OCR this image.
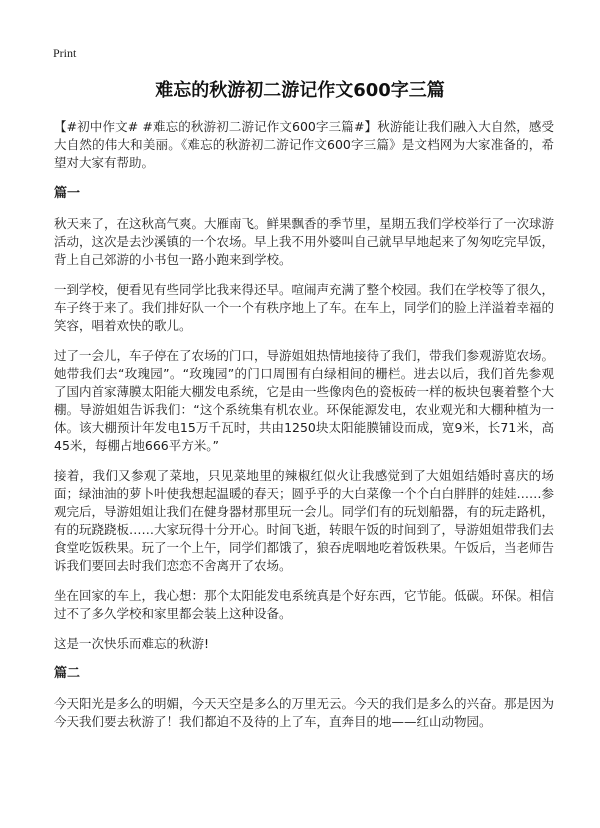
Print
难忘的秋游初二游记作文600字三篇

【#初中作文# #难忘的秋游初二游记作文600字三篇#】秋游能让我们融入大自然，感受大自然的伟大和美丽。《难忘的秋游初二游记作文600字三篇》是文档网为大家准备的，希望对大家有帮助。

篇一

秋天来了，在这秋高气爽。大雁南飞。鲜果飘香的季节里，星期五我们学校举行了一次球游活动，这次是去沙溪镇的一个农场。早上我不用外婆叫自己就早早地起来了匆匆吃完早饭，背上自己郊游的小书包一路小跑来到学校。

一到学校，便看见有些同学比我来得还早。喧闹声充满了整个校园。我们在学校等了很久，车子终于来了。我们排好队一个一个有秩序地上了车。在车上，同学们的脸上洋溢着幸福的笑容，唱着欢快的歌儿。

过了一会儿，车子停在了农场的门口，导游姐姐热情地接待了我们，带我们参观游览农场。她带我们去“玫瑰园”。“玫瑰园”的门口周围有白绿相间的栅栏。进去以后，我们首先参观了国内首家薄膜太阳能大棚发电系统，它是由一些像肉色的瓷板砖一样的板块包裹着整个大棚。导游姐姐告诉我们：“这个系统集有机农业。环保能源发电，农业观光和大棚种植为一体。该大棚预计年发电15万千瓦时，共由1250块太阳能膜铺设而成，宽9米，长71米，高45米，每棚占地666平方米。”

接着，我们又参观了菜地，只见菜地里的辣椒红似火让我感觉到了大姐姐结婚时喜庆的场面；绿油油的萝卜叶使我想起温暖的春天；圆乎乎的大白菜像一个个白白胖胖的娃娃……参观完后，导游姐姐让我们在健身器材那里玩一会儿。同学们有的玩划船器，有的玩走路机，有的玩跷跷板……大家玩得十分开心。时间飞逝，转眼午饭的时间到了，导游姐姐带我们去食堂吃饭秩果。玩了一个上午，同学们都饿了，狼吞虎咽地吃着饭秩果。午饭后，当老师告诉我们要回去时我们恋恋不舍离开了农场。

坐在回家的车上，我心想：那个太阳能发电系统真是个好东西，它节能。低碳。环保。相信过不了多久学校和家里都会装上这种设备。

这是一次快乐而难忘的秋游!

篇二

今天阳光是多么的明媚，今天天空是多么的万里无云。今天的我们是多么的兴奋。那是因为今天我们要去秋游了！我们都迫不及待的上了车，直奔目的地——红山动物园。
